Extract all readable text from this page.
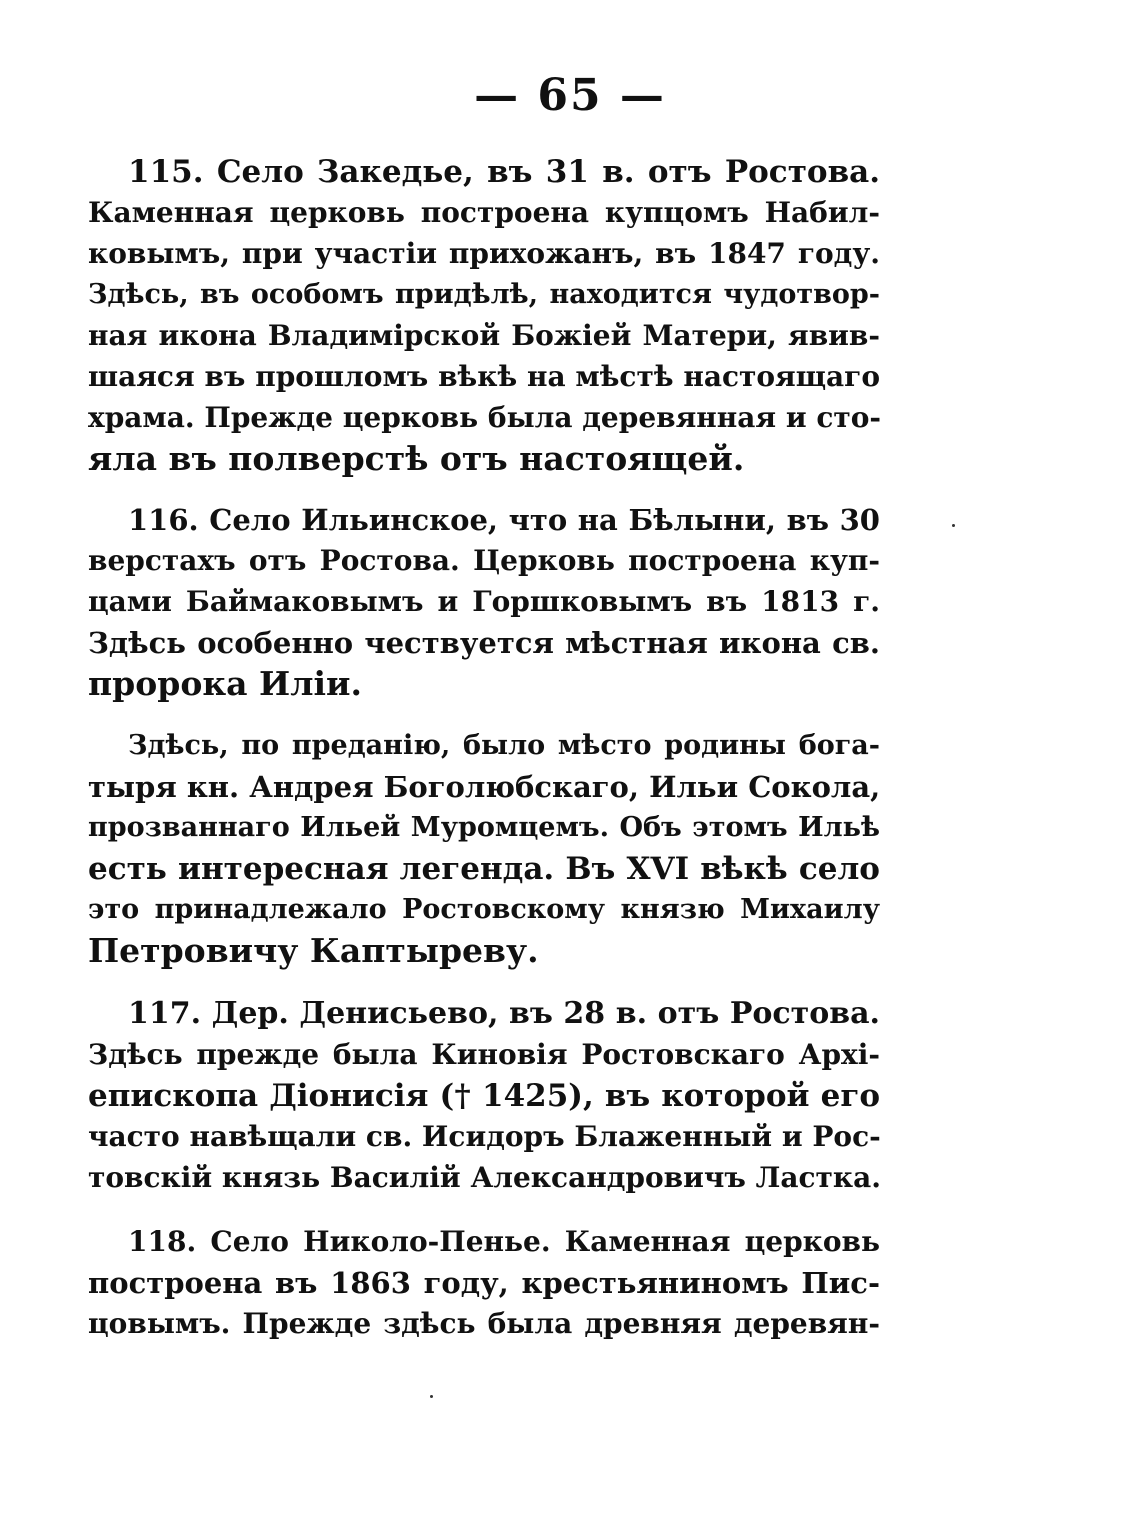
— 65 —
115. Село Закедье, въ 31 в. отъ Ростова.
Каменная церковь построена купцомъ Набил-
ковымъ, при участіи прихожанъ, въ 1847 году.
Здѣсь, въ особомъ придѣлѣ, находится чудотвор-
ная икона Владимірской Божіей Матери, явив-
шаяся въ прошломъ вѣкѣ на мѣстѣ настоящаго
храма. Прежде церковь была деревянная и сто-
яла въ полверстѣ отъ настоящей.
116. Село Ильинское, что на Бѣлыни, въ 30
верстахъ отъ Ростова. Церковь построена куп-
цами Баймаковымъ и Горшковымъ въ 1813 г.
Здѣсь особенно чествуется мѣстная икона св.
пророка Иліи.
Здѣсь, по преданію, было мѣсто родины бога-
тыря кн. Андрея Боголюбскаго, Ильи Сокола,
прозваннаго Ильей Муромцемъ. Объ этомъ Ильѣ
есть интересная легенда. Въ XVI вѣкѣ село
это принадлежало Ростовскому князю Михаилу
Петровичу Каптыреву.
117. Дер. Денисьево, въ 28 в. отъ Ростова.
Здѣсь прежде была Киновія Ростовскаго Архі-
епископа Діонисія († 1425), въ которой его
часто навѣщали св. Исидоръ Блаженный и Рос-
товскій князь Василій Александровичъ Ластка.
118. Село Николо-Пенье. Каменная церковь
построена въ 1863 году, крестьяниномъ Пис-
цовымъ. Прежде здѣсь была древняя деревян-
